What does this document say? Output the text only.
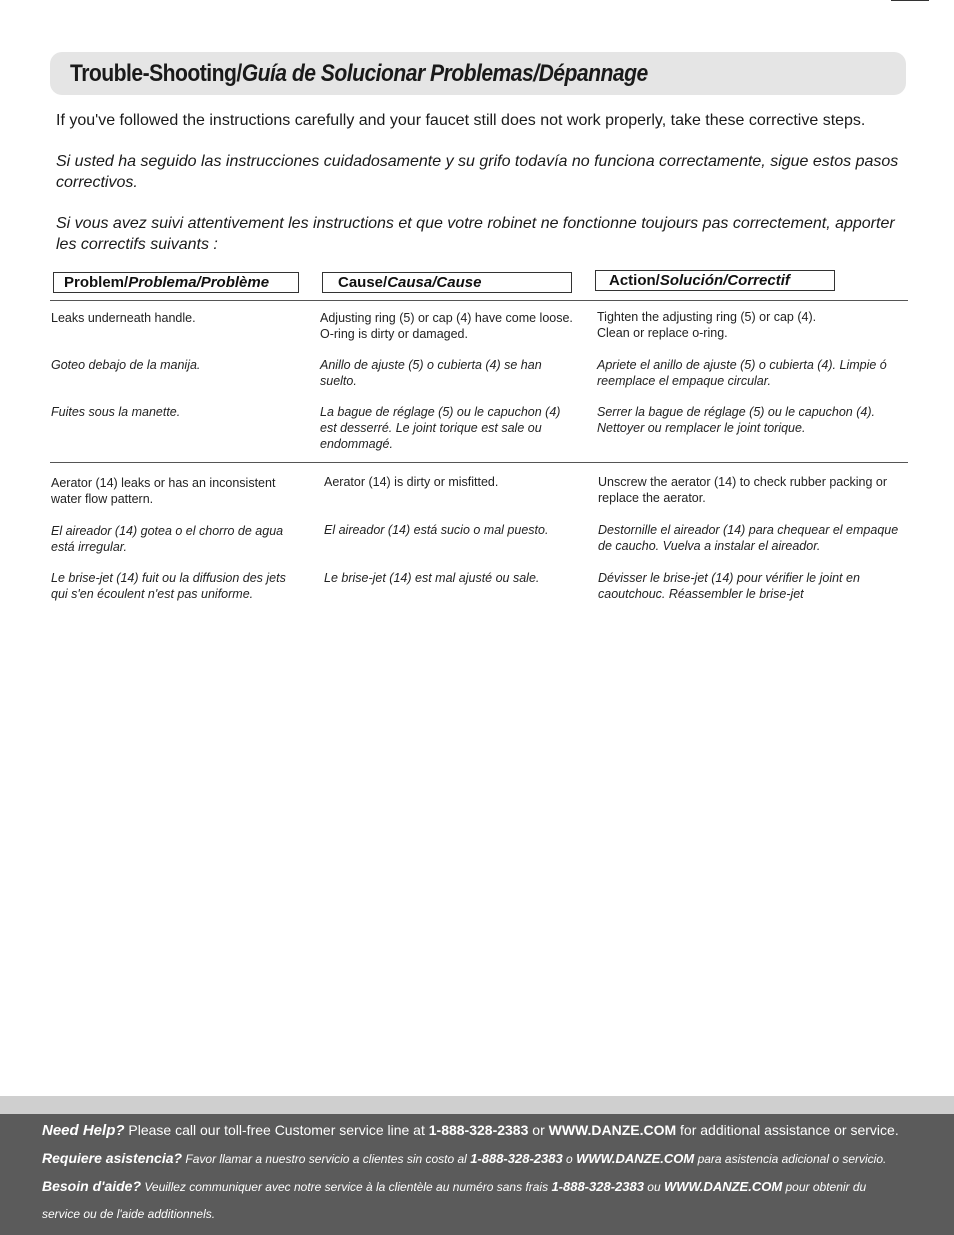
Trouble-Shooting/Guía de Solucionar Problemas/Dépannage
If you've followed the instructions carefully and your faucet still does not work properly, take these corrective steps.
Si usted ha seguido las instrucciones cuidadosamente y su grifo todavía no funciona correctamente, sigue estos pasos correctivos.
Si vous avez suivi attentivement les instructions et que votre robinet ne fonctionne toujours pas correctement, apporter les correctifs suivants :
Problem/Problema/Problème	Cause/Causa/Cause	Action/Solución/Correctif
Leaks underneath handle.
Goteo debajo de la manija.
Fuites sous la manette.
Adjusting ring (5) or cap (4) have come loose. O-ring is dirty or damaged.
Anillo de ajuste (5) o cubierta (4) se han suelto.
La bague de réglage (5) ou le capuchon (4) est desserré. Le joint torique est sale ou endommagé.
Tighten the adjusting ring (5) or cap (4). Clean or replace o-ring.
Apriete el anillo de ajuste (5) o cubierta (4). Limpie ó reemplace el empaque circular.
Serrer la bague de réglage (5) ou le capuchon (4). Nettoyer ou remplacer le joint torique.
Aerator (14) leaks or has an inconsistent water flow pattern.
El aireador (14) gotea o el chorro de agua está irregular.
Le brise-jet (14) fuit ou la diffusion des jets qui s'en écoulent n'est pas uniforme.
Aerator (14) is dirty or misfitted.
El aireador (14) está sucio o mal puesto.
Le brise-jet (14) est mal ajusté ou sale.
Unscrew the aerator (14) to check rubber packing or replace the aerator.
Destornille el aireador (14) para chequear el empaque de caucho. Vuelva a instalar el aireador.
Dévisser le brise-jet (14) pour vérifier le joint en caoutchouc. Réassembler le brise-jet
Need Help? Please call our toll-free Customer service line at 1-888-328-2383 or WWW.DANZE.COM for additional assistance or service.
Requiere asistencia? Favor llamar a nuestro servicio a clientes sin costo al 1-888-328-2383 o WWW.DANZE.COM para asistencia adicional o servicio.
Besoin d'aide? Veuillez communiquer avec notre service à la clientèle au numéro sans frais 1-888-328-2383 ou WWW.DANZE.COM pour obtenir du
service ou de l'aide additionnels.
